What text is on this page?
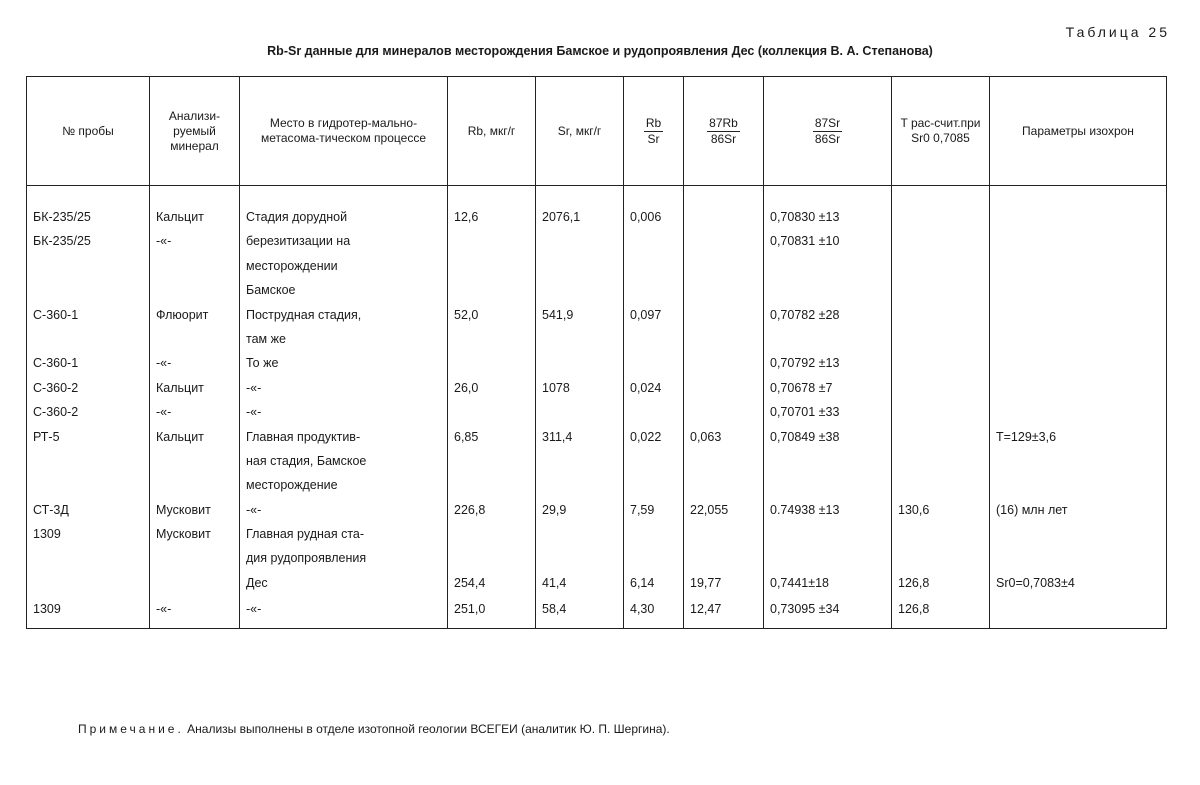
Таблица 25
Rb-Sr данные для минералов месторождения Бамское и рудопроявления Дес (коллекция В. А. Степанова)
№ пробы	Анализи-руемый минерал	Место в гидротер-мально-метасома-тическом процессе	Rb, мкг/г	Sr, мкг/г	$\frac{Rb}{Sr}$	$\frac{87Rb}{86Sr}$	$\frac{87Sr}{86Sr}$	T рас-счит.при Sr0 0,7085	Параметры изохрон
БК-235/25	Кальцит	Стадия дорудной	12,6	2076,1	0,006		0,70830 ±13		
БК-235/25	-«-	березитизации на					0,70831 ±10		
		месторождении							
		Бамское							
С-360-1	Флюорит	Пострудная стадия,	52,0	541,9	0,097		0,70782 ±28		
		там же							
С-360-1	-«-	То же					0,70792 ±13		
С-360-2	Кальцит	-«-	26,0	1078	0,024		0,70678 ±7		
С-360-2	-«-	-«-					0,70701 ±33		
РТ-5	Кальцит	Главная продуктив-	6,85	311,4	0,022	0,063	0,70849 ±38		T=129±3,6
		ная стадия, Бамское							
		месторождение							
СТ-3Д	Мусковит	-«-	226,8	29,9	7,59	22,055	0.74938 ±13	130,6	(16) млн лет
1309	Мусковит	Главная рудная ста-							
		дия рудопроявления							
		Дес	254,4	41,4	6,14	19,77	0,7441±18	126,8	Sr0=0,7083±4
1309	-«-	-«-	251,0	58,4	4,30	12,47	0,73095 ±34	126,8	
Примечание. Анализы выполнены в отделе изотопной геологии ВСЕГЕИ (аналитик Ю. П. Шергина).
